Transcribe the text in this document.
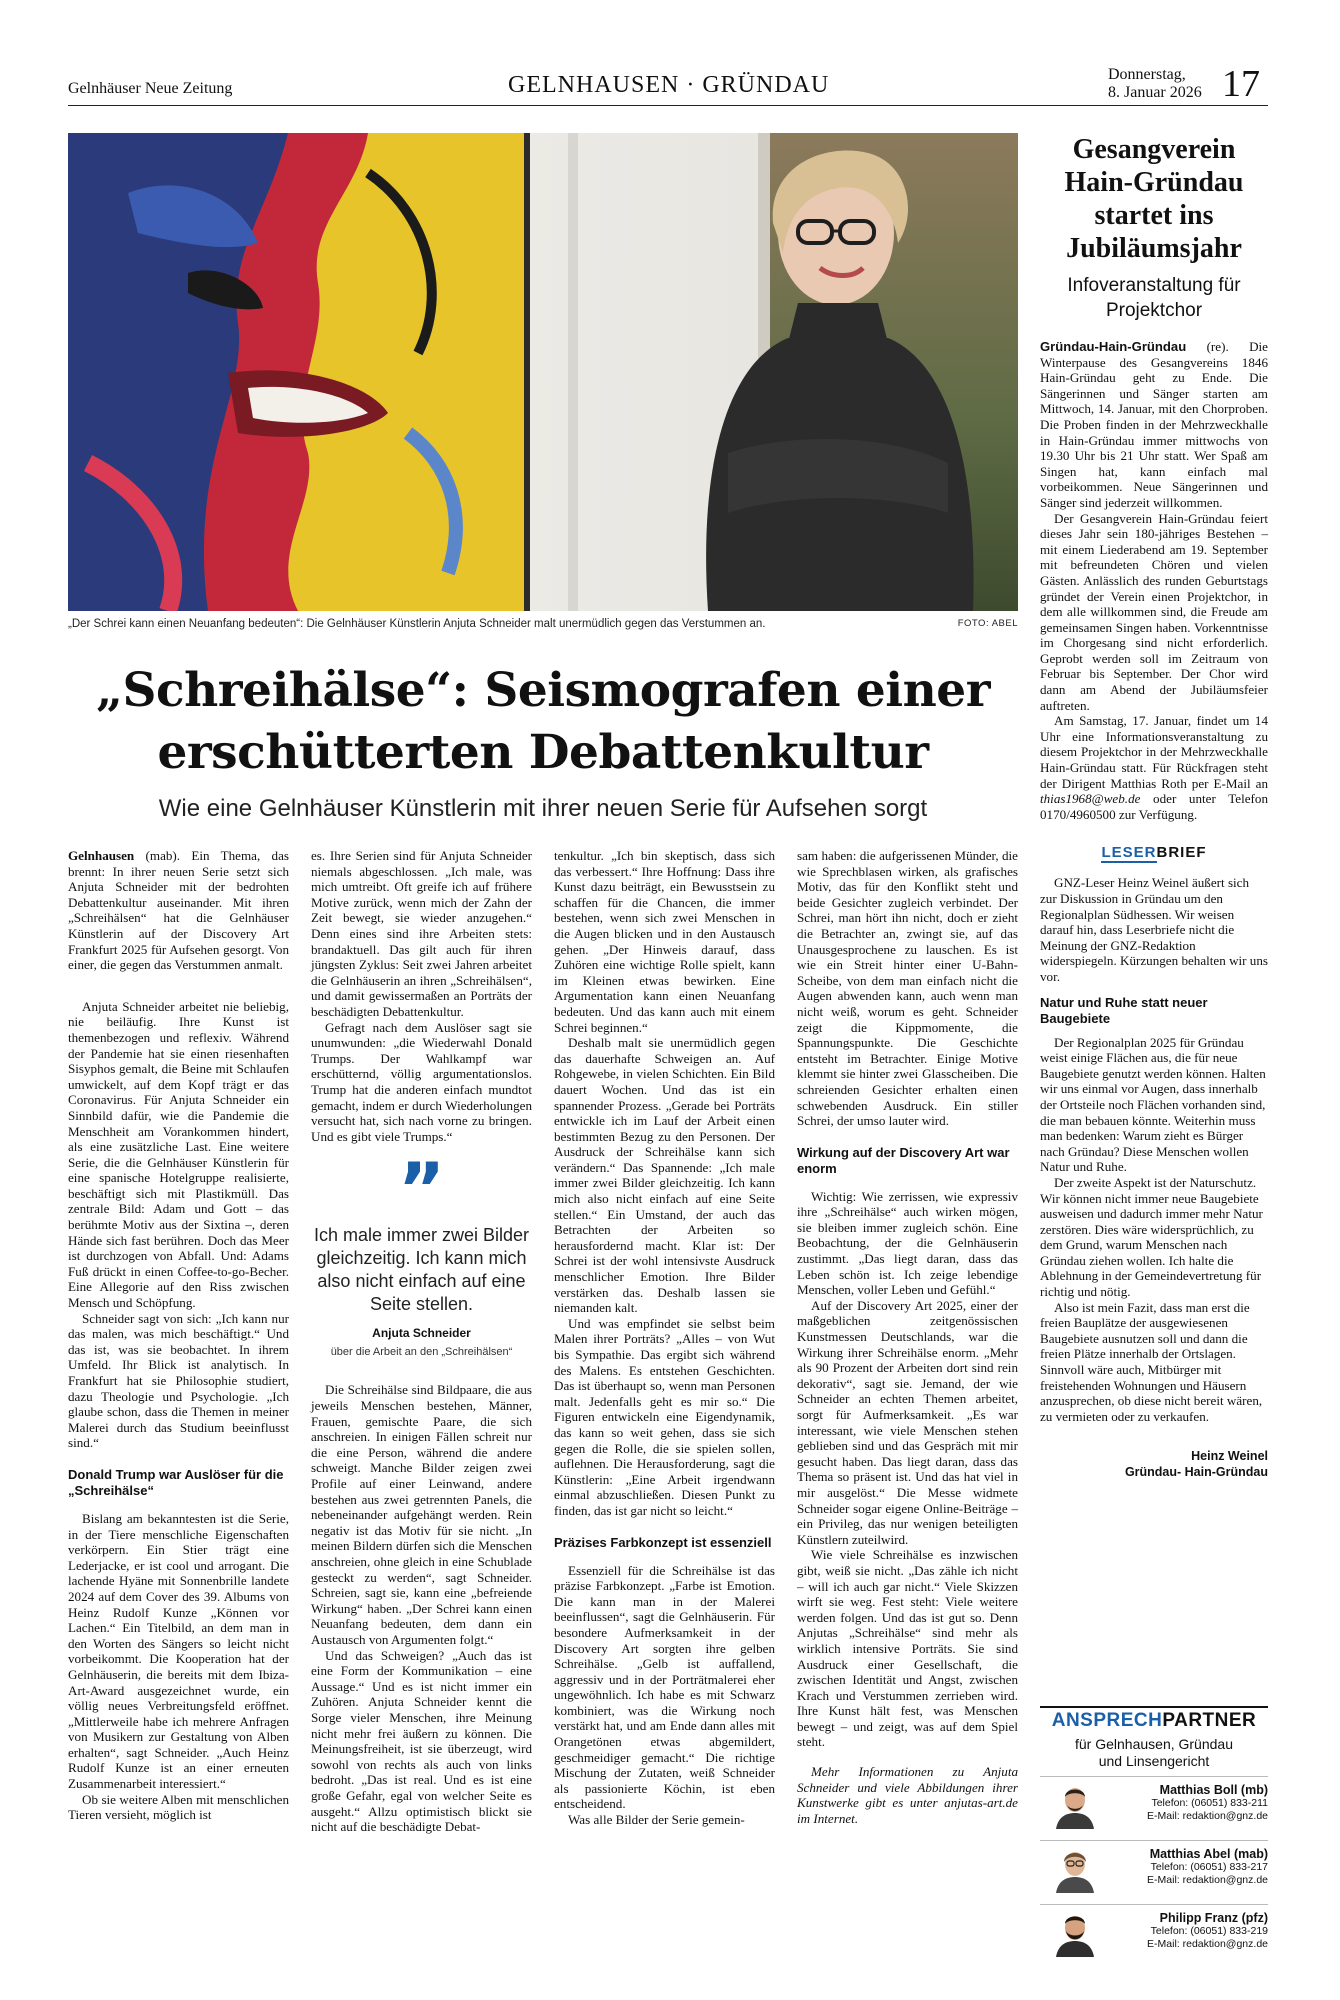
Gelnhäuser Neue Zeitung	GELNHAUSEN · GRÜNDAU	Donnerstag,
8. Januar 2026 17
„Der Schrei kann einen Neuanfang bedeuten“: Die Gelnhäuser Künstlerin Anjuta Schneider malt unermüdlich gegen das Verstummen an.	FOTO: ABEL
„Schreihälse“: Seismografen einer
erschütterten Debattenkultur
Wie eine Gelnhäuser Künstlerin mit ihrer neuen Serie für Aufsehen sorgt

Gelnhausen (mab). Ein Thema, das brennt: In ihrer neuen Serie setzt sich Anjuta Schneider mit der bedrohten Debattenkultur auseinander. Mit ihren „Schreihälsen“ hat die Gelnhäuser Künstlerin auf der Discovery Art Frankfurt 2025 für Aufsehen gesorgt. Von einer, die gegen das Verstummen anmalt.

Anjuta Schneider arbeitet nie beliebig, nie beiläufig. Ihre Kunst ist themenbezogen und reflexiv. Während der Pandemie hat sie einen riesenhaften Sisyphos gemalt, die Beine mit Schlaufen umwickelt, auf dem Kopf trägt er das Coronavirus. Für Anjuta Schneider ein Sinnbild dafür, wie die Pandemie die Menschheit am Vorankommen hindert, als eine zusätzliche Last. Eine weitere Serie, die die Gelnhäuser Künstlerin für eine spanische Hotelgruppe realisierte, beschäftigt sich mit Plastikmüll. Das zentrale Bild: Adam und Gott – das berühmte Motiv aus der Sixtina –, deren Hände sich fast berühren. Doch das Meer ist durchzogen von Abfall. Und: Adams Fuß drückt in einen Coffee-to-go-Becher. Eine Allegorie auf den Riss zwischen Mensch und Schöpfung.

Schneider sagt von sich: „Ich kann nur das malen, was mich beschäftigt.“ Und das ist, was sie beobachtet. In ihrem Umfeld. Ihr Blick ist analytisch. In Frankfurt hat sie Philosophie studiert, dazu Theologie und Psychologie. „Ich glaube schon, dass die Themen in meiner Malerei durch das Studium beeinflusst sind.“

Donald Trump war Auslöser für die „Schreihälse“

Bislang am bekanntesten ist die Serie, in der Tiere menschliche Eigenschaften verkörpern. Ein Stier trägt eine Lederjacke, er ist cool und arrogant. Die lachende Hyäne mit Sonnenbrille landete 2024 auf dem Cover des 39. Albums von Heinz Rudolf Kunze „Können vor Lachen.“ Ein Titelbild, an dem man in den Worten des Sängers so leicht nicht vorbeikommt. Die Kooperation hat der Gelnhäuserin, die bereits mit dem Ibiza-Art-Award ausgezeichnet wurde, ein völlig neues Verbreitungsfeld eröffnet. „Mittlerweile habe ich mehrere Anfragen von Musikern zur Gestaltung von Alben erhalten“, sagt Schneider. „Auch Heinz Rudolf Kunze ist an einer erneuten Zusammenarbeit interessiert.“

Ob sie weitere Alben mit menschlichen Tieren versieht, möglich ist

es. Ihre Serien sind für Anjuta Schneider niemals abgeschlossen. „Ich male, was mich umtreibt. Oft greife ich auf frühere Motive zurück, wenn mich der Zahn der Zeit bewegt, sie wieder anzugehen.“ Denn eines sind ihre Arbeiten stets: brandaktuell. Das gilt auch für ihren jüngsten Zyklus: Seit zwei Jahren arbeitet die Gelnhäuserin an ihren „Schreihälsen“, und damit gewissermaßen an Porträts der beschädigten Debattenkultur.

Gefragt nach dem Auslöser sagt sie unumwunden: „die Wiederwahl Donald Trumps. Der Wahlkampf war erschütternd, völlig argumentationslos. Trump hat die anderen einfach mundtot gemacht, indem er durch Wiederholungen versucht hat, sich nach vorne zu bringen. Und es gibt viele Trumps.“

”
Ich male immer zwei Bilder gleichzeitig. Ich kann mich also nicht einfach auf eine Seite stellen.
Anjuta Schneider
über die Arbeit an den „Schreihälsen“

Die Schreihälse sind Bildpaare, die aus jeweils Menschen bestehen, Männer, Frauen, gemischte Paare, die sich anschreien. In einigen Fällen schreit nur die eine Person, während die andere schweigt. Manche Bilder zeigen zwei Profile auf einer Leinwand, andere bestehen aus zwei getrennten Panels, die nebeneinander aufgehängt werden. Rein negativ ist das Motiv für sie nicht. „In meinen Bildern dürfen sich die Menschen anschreien, ohne gleich in eine Schublade gesteckt zu werden“, sagt Schneider. Schreien, sagt sie, kann eine „befreiende Wirkung“ haben. „Der Schrei kann einen Neuanfang bedeuten, dem dann ein Austausch von Argumenten folgt.“

Und das Schweigen? „Auch das ist eine Form der Kommunikation – eine Aussage.“ Und es ist nicht immer ein Zuhören. Anjuta Schneider kennt die Sorge vieler Menschen, ihre Meinung nicht mehr frei äußern zu können. Die Meinungsfreiheit, ist sie überzeugt, wird sowohl von rechts als auch von links bedroht. „Das ist real. Und es ist eine große Gefahr, egal von welcher Seite es ausgeht.“ Allzu optimistisch blickt sie nicht auf die beschädigte Debat-

tenkultur. „Ich bin skeptisch, dass sich das verbessert.“ Ihre Hoffnung: Dass ihre Kunst dazu beiträgt, ein Bewusstsein zu schaffen für die Chancen, die immer bestehen, wenn sich zwei Menschen in die Augen blicken und in den Austausch gehen. „Der Hinweis darauf, dass Zuhören eine wichtige Rolle spielt, kann im Kleinen etwas bewirken. Eine Argumentation kann einen Neuanfang bedeuten. Und das kann auch mit einem Schrei beginnen.“

Deshalb malt sie unermüdlich gegen das dauerhafte Schweigen an. Auf Rohgewebe, in vielen Schichten. Ein Bild dauert Wochen. Und das ist ein spannender Prozess. „Gerade bei Porträts entwickle ich im Lauf der Arbeit einen bestimmten Bezug zu den Personen. Der Ausdruck der Schreihälse kann sich verändern.“ Das Spannende: „Ich male immer zwei Bilder gleichzeitig. Ich kann mich also nicht einfach auf eine Seite stellen.“ Ein Umstand, der auch das Betrachten der Arbeiten so herausfordernd macht. Klar ist: Der Schrei ist der wohl intensivste Ausdruck menschlicher Emotion. Ihre Bilder verstärken das. Deshalb lassen sie niemanden kalt.

Und was empfindet sie selbst beim Malen ihrer Porträts? „Alles – von Wut bis Sympathie. Das ergibt sich während des Malens. Es entstehen Geschichten. Das ist überhaupt so, wenn man Personen malt. Jedenfalls geht es mir so.“ Die Figuren entwickeln eine Eigendynamik, das kann so weit gehen, dass sie sich gegen die Rolle, die sie spielen sollen, auflehnen. Die Herausforderung, sagt die Künstlerin: „Eine Arbeit irgendwann einmal abzuschließen. Diesen Punkt zu finden, das ist gar nicht so leicht.“

Präzises Farbkonzept ist essenziell

Essenziell für die Schreihälse ist das präzise Farbkonzept. „Farbe ist Emotion. Die kann man in der Malerei beeinflussen“, sagt die Gelnhäuserin. Für besondere Aufmerksamkeit in der Discovery Art sorgten ihre gelben Schreihälse. „Gelb ist auffallend, aggressiv und in der Porträtmalerei eher ungewöhnlich. Ich habe es mit Schwarz kombiniert, was die Wirkung noch verstärkt hat, und am Ende dann alles mit Orangetönen etwas abgemildert, geschmeidiger gemacht.“ Die richtige Mischung der Zutaten, weiß Schneider als passionierte Köchin, ist eben entscheidend.

Was alle Bilder der Serie gemein-

sam haben: die aufgerissenen Münder, die wie Sprechblasen wirken, als grafisches Motiv, das für den Konflikt steht und beide Gesichter zugleich verbindet. Der Schrei, man hört ihn nicht, doch er zieht die Betrachter an, zwingt sie, auf das Unausgesprochene zu lauschen. Es ist wie ein Streit hinter einer U-Bahn-Scheibe, von dem man einfach nicht die Augen abwenden kann, auch wenn man nicht weiß, worum es geht. Schneider zeigt die Kippmomente, die Spannungspunkte. Die Geschichte entsteht im Betrachter. Einige Motive klemmt sie hinter zwei Glasscheiben. Die schreienden Gesichter erhalten einen schwebenden Ausdruck. Ein stiller Schrei, der umso lauter wird.

Wirkung auf der Discovery Art war enorm

Wichtig: Wie zerrissen, wie expressiv ihre „Schreihälse“ auch wirken mögen, sie bleiben immer zugleich schön. Eine Beobachtung, der die Gelnhäuserin zustimmt. „Das liegt daran, dass das Leben schön ist. Ich zeige lebendige Menschen, voller Leben und Gefühl.“

Auf der Discovery Art 2025, einer der maßgeblichen zeitgenössischen Kunstmessen Deutschlands, war die Wirkung ihrer Schreihälse enorm. „Mehr als 90 Prozent der Arbeiten dort sind rein dekorativ“, sagt sie. Jemand, der wie Schneider an echten Themen arbeitet, sorgt für Aufmerksamkeit. „Es war interessant, wie viele Menschen stehen geblieben sind und das Gespräch mit mir gesucht haben. Das liegt daran, dass das Thema so präsent ist. Und das hat viel in mir ausgelöst.“ Die Messe widmete Schneider sogar eigene Online-Beiträge – ein Privileg, das nur wenigen beteiligten Künstlern zuteilwird.

Wie viele Schreihälse es inzwischen gibt, weiß sie nicht. „Das zähle ich nicht – will ich auch gar nicht.“ Viele Skizzen wirft sie weg. Fest steht: Viele weitere werden folgen. Und das ist gut so. Denn Anjutas „Schreihälse“ sind mehr als wirklich intensive Porträts. Sie sind Ausdruck einer Gesellschaft, die zwischen Identität und Angst, zwischen Krach und Verstummen zerrieben wird. Ihre Kunst hält fest, was Menschen bewegt – und zeigt, was auf dem Spiel steht.

Mehr Informationen zu Anjuta Schneider und viele Abbildungen ihrer Kunstwerke gibt es unter anjutas-art.de im Internet.

Gesangverein Hain-Gründau startet ins Jubiläumsjahr
Infoveranstaltung für Projektchor

Gründau-Hain-Gründau (re). Die Winterpause des Gesangvereins 1846 Hain-Gründau geht zu Ende. Die Sängerinnen und Sänger starten am Mittwoch, 14. Januar, mit den Chorproben. Die Proben finden in der Mehrzweckhalle in Hain-Gründau immer mittwochs von 19.30 Uhr bis 21 Uhr statt. Wer Spaß am Singen hat, kann einfach mal vorbeikommen. Neue Sängerinnen und Sänger sind jederzeit willkommen.

Der Gesangverein Hain-Gründau feiert dieses Jahr sein 180-jähriges Bestehen – mit einem Liederabend am 19. September mit befreundeten Chören und vielen Gästen. Anlässlich des runden Geburtstags gründet der Verein einen Projektchor, in dem alle willkommen sind, die Freude am gemeinsamen Singen haben. Vorkenntnisse im Chorgesang sind nicht erforderlich. Geprobt werden soll im Zeitraum von Februar bis September. Der Chor wird dann am Abend der Jubiläumsfeier auftreten.

Am Samstag, 17. Januar, findet um 14 Uhr eine Informationsveranstaltung zu diesem Projektchor in der Mehrzweckhalle Hain-Gründau statt. Für Rückfragen steht der Dirigent Matthias Roth per E-Mail an thias1968@web.de oder unter Telefon 0170/4960500 zur Verfügung.

LESERBRIEF

GNZ-Leser Heinz Weinel äußert sich zur Diskussion in Gründau um den Regionalplan Südhessen. Wir weisen darauf hin, dass Leserbriefe nicht die Meinung der GNZ-Redaktion widerspiegeln. Kürzungen behalten wir uns vor.

Natur und Ruhe statt neuer Baugebiete

Der Regionalplan 2025 für Gründau weist einige Flächen aus, die für neue Baugebiete genutzt werden können. Halten wir uns einmal vor Augen, dass innerhalb der Ortsteile noch Flächen vorhanden sind, die man bebauen könnte. Weiterhin muss man bedenken: Warum zieht es Bürger nach Gründau? Diese Menschen wollen Natur und Ruhe.

Der zweite Aspekt ist der Naturschutz. Wir können nicht immer neue Baugebiete ausweisen und dadurch immer mehr Natur zerstören. Dies wäre widersprüchlich, zu dem Grund, warum Menschen nach Gründau ziehen wollen. Ich halte die Ablehnung in der Gemeindevertretung für richtig und nötig.

Also ist mein Fazit, dass man erst die freien Bauplätze der ausgewiesenen Baugebiete ausnutzen soll und dann die freien Plätze innerhalb der Ortslagen. Sinnvoll wäre auch, Mitbürger mit freistehenden Wohnungen und Häusern anzusprechen, ob diese nicht bereit wären, zu vermieten oder zu verkaufen.

Heinz Weinel
Gründau- Hain-Gründau
ANSPRECHPARTNER
für Gelnhausen, Gründau
und Linsengericht
Matthias Boll (mb)
Telefon: (06051) 833-211
E-Mail: redaktion@gnz.de
Matthias Abel (mab)
Telefon: (06051) 833-217
E-Mail: redaktion@gnz.de
Philipp Franz (pfz)
Telefon: (06051) 833-219
E-Mail: redaktion@gnz.de
